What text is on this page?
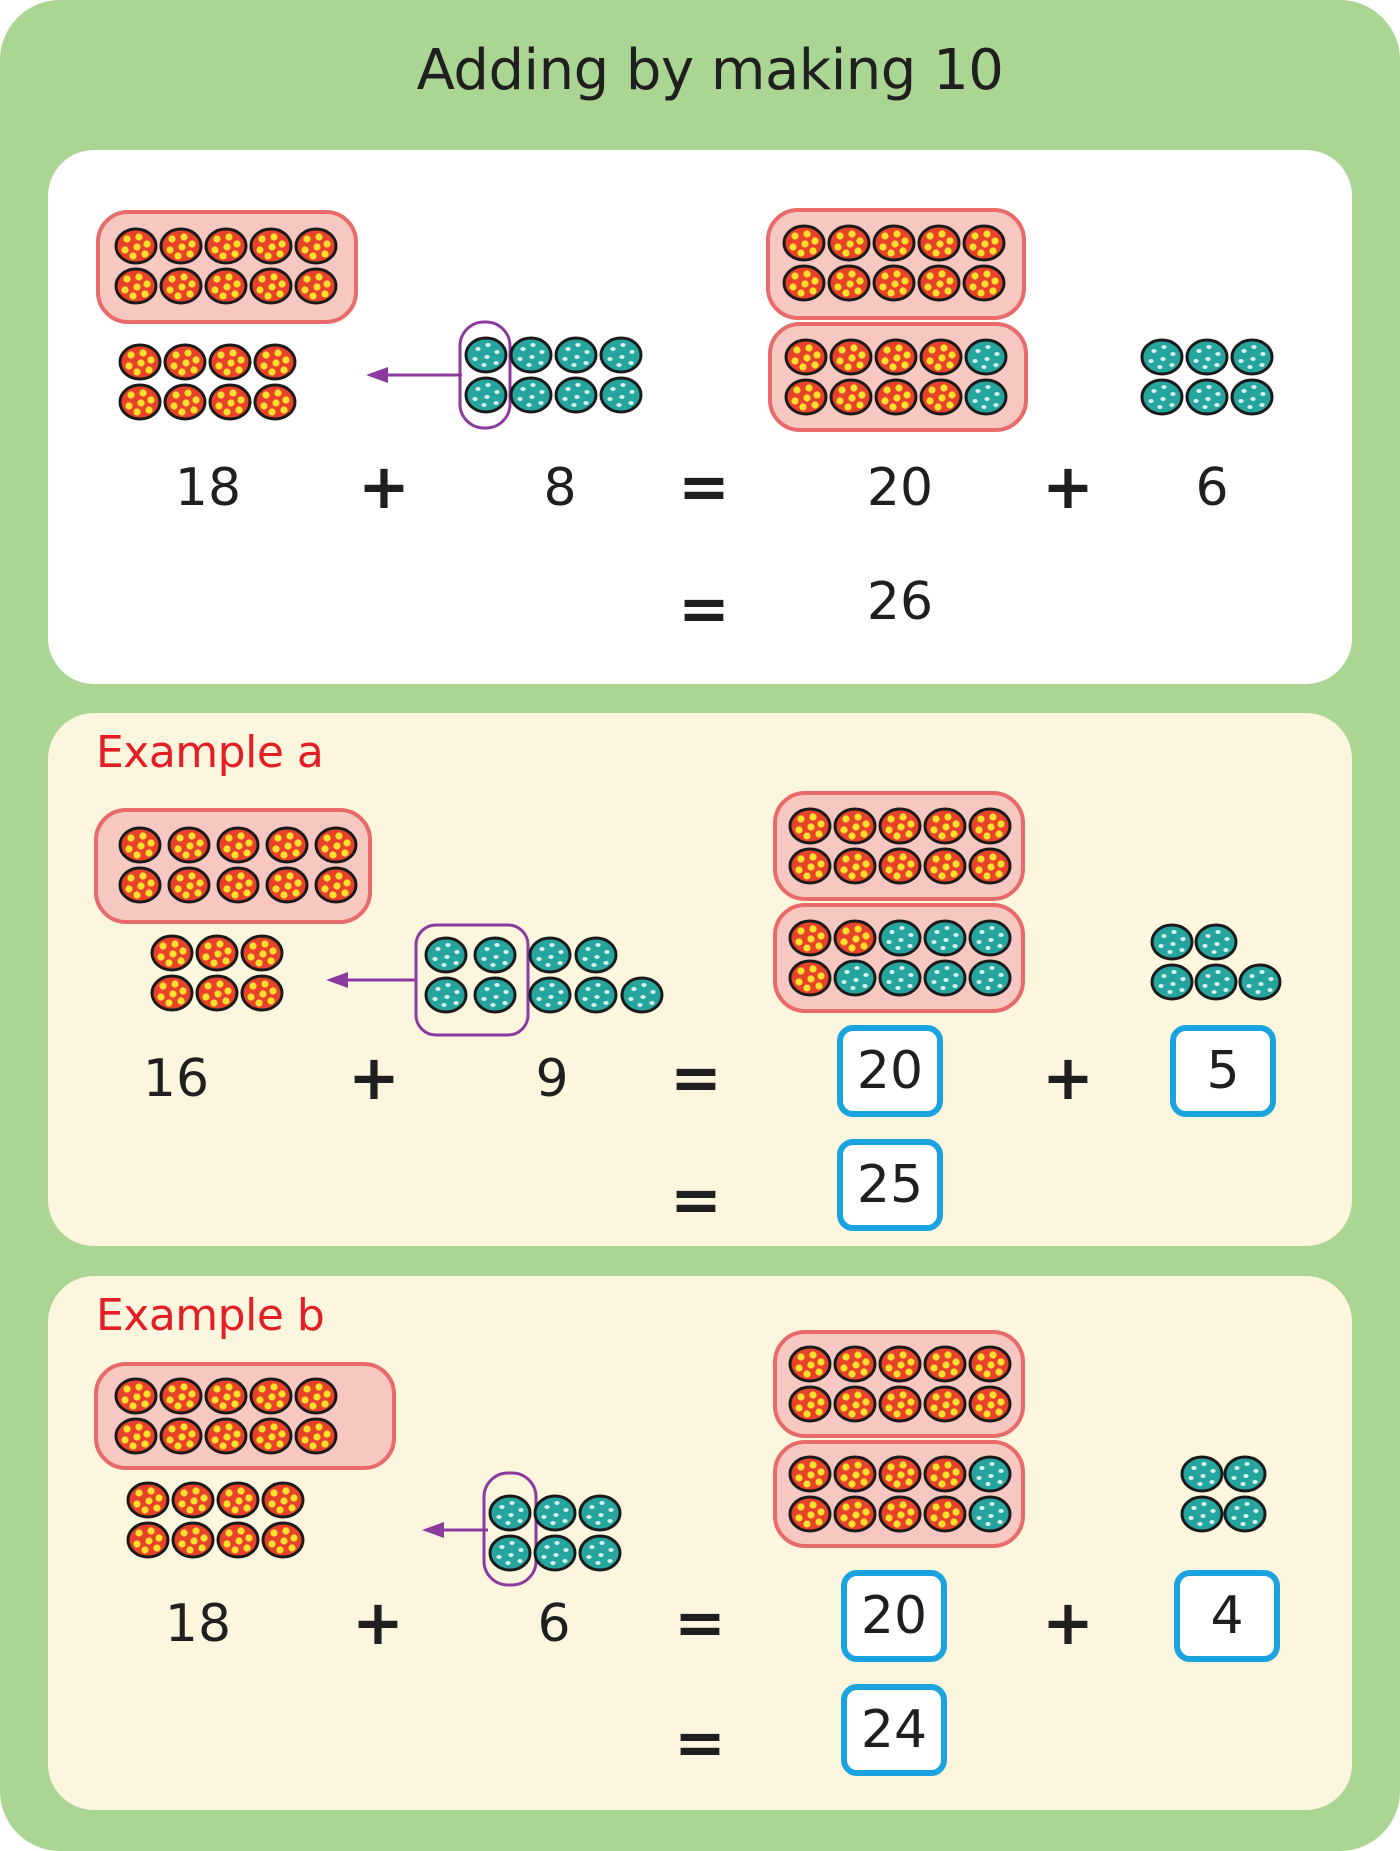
Adding by making 10
18	+	8	=	20	+	6
=	26
Example a
16	+	9	=	20	+	5
=	25
Example b
18	+	6	=	20	+	4
=	24
